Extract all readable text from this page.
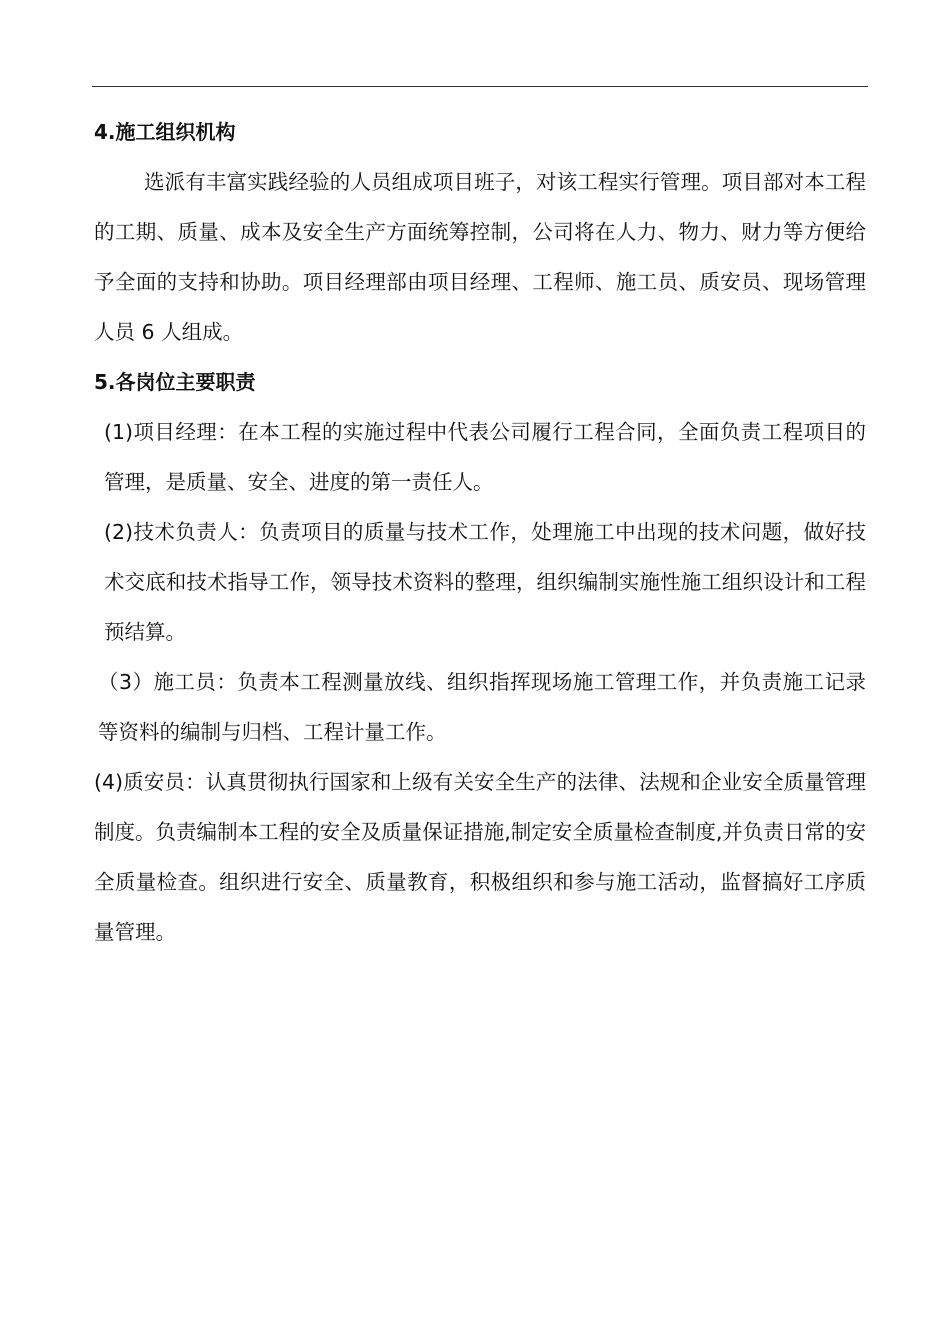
4.施工组织机构

选派有丰富实践经验的人员组成项目班子，对该工程实行管理。项目部对本工程的工期、质量、成本及安全生产方面统筹控制，公司将在人力、物力、财力等方便给予全面的支持和协助。项目经理部由项目经理、工程师、施工员、质安员、现场管理人员 6 人组成。

5.各岗位主要职责

(1)项目经理：在本工程的实施过程中代表公司履行工程合同，全面负责工程项目的管理，是质量、安全、进度的第一责任人。

(2)技术负责人：负责项目的质量与技术工作，处理施工中出现的技术问题，做好技术交底和技术指导工作，领导技术资料的整理，组织编制实施性施工组织设计和工程预结算。

（3）施工员：负责本工程测量放线、组织指挥现场施工管理工作，并负责施工记录等资料的编制与归档、工程计量工作。

(4)质安员：认真贯彻执行国家和上级有关安全生产的法律、法规和企业安全质量管理制度。负责编制本工程的安全及质量保证措施,制定安全质量检查制度,并负责日常的安全质量检查。组织进行安全、质量教育，积极组织和参与施工活动，监督搞好工序质量管理。
